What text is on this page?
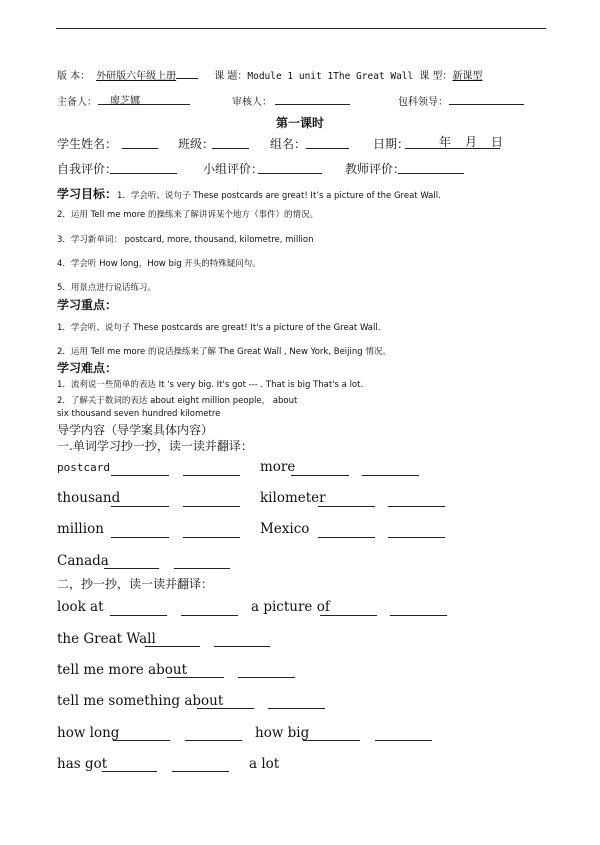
版 本： 外研版六年级上册	课 题：Module 1 unit 1The Great Wall 课 型：新课型
主备人： 廖芝娜	审核人：	包科领导：
第一课时
学生姓名：	班级：	组名：	日期： 年 月 日
自我评价：	小组评价：	教师评价：
学习目标：1．学会听、说句子 These postcards are great! It’s a picture of the Great Wall.
2．运用 Tell me more 的操练来了解讲诉某个地方（事件）的情况。
3．学习新单词： postcard, more, thousand, kilometre, million
4．学会听 How long，How big 开头的特殊疑问句。
5．用景点进行说话练习。
学习重点：
1．学会听、说句子 These postcards are great! It's a picture of the Great Wall.
2．运用 Tell me more 的说话操练来了解 The Great Wall , New York, Beijing 情况。
学习难点：
1．流利说一些简单的表达 It 's very big. It's got --- . That is big That's a lot.
2．了解关于数词的表达 about eight million people， about
six thousand seven hundred kilometre
导学内容（导学案具体内容）
一.单词学习抄一抄，读一读并翻译：
postcard	more
thousand	kilometer
million	Mexico
Canada
二，抄一抄，读一读并翻译：
look at	a picture of
the Great Wall
tell me more about
tell me something about
how long	how big
has got	a lot
